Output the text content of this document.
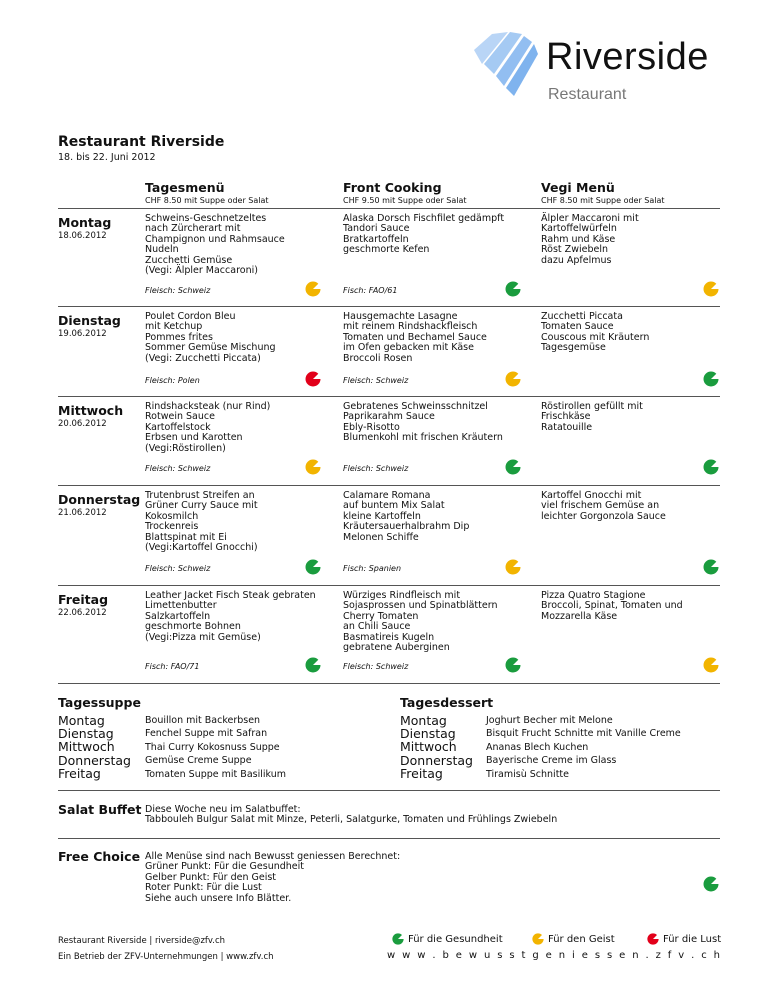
Riverside
Restaurant
Restaurant Riverside
18. bis 22. Juni 2012
Tagesmenü
CHF 8.50 mit Suppe oder Salat
Front Cooking
CHF 9.50 mit Suppe oder Salat
Vegi Menü
CHF 8.50 mit Suppe oder Salat
Montag
18.06.2012
Schweins-Geschnetzeltes
nach Zürcherart mit
Champignon und Rahmsauce
Nudeln
Zucchetti Gemüse
(Vegi: Älpler Maccaroni)
Fleisch: Schweiz
Alaska Dorsch Fischfilet gedämpft
Tandori Sauce
Bratkartoffeln
geschmorte Kefen
Fisch: FAO/61
Älpler Maccaroni mit
Kartoffelwürfeln
Rahm und Käse
Röst Zwiebeln
dazu Apfelmus
Dienstag
19.06.2012
Poulet Cordon Bleu
mit Ketchup
Pommes frites
Sommer Gemüse Mischung
(Vegi: Zucchetti Piccata)
Fleisch: Polen
Hausgemachte Lasagne
mit reinem Rindshackfleisch
Tomaten und Bechamel Sauce
im Ofen gebacken mit Käse
Broccoli Rosen
Fleisch: Schweiz
Zucchetti Piccata
Tomaten Sauce
Couscous mit Kräutern
Tagesgemüse
Mittwoch
20.06.2012
Rindshacksteak (nur Rind)
Rotwein Sauce
Kartoffelstock
Erbsen und Karotten
(Vegi:Röstirollen)
Fleisch: Schweiz
Gebratenes Schweinsschnitzel
Paprikarahm Sauce
Ebly-Risotto
Blumenkohl mit frischen Kräutern
Fleisch: Schweiz
Röstirollen gefüllt mit
Frischkäse
Ratatouille
Donnerstag
21.06.2012
Trutenbrust Streifen an
Grüner Curry Sauce mit
Kokosmilch
Trockenreis
Blattspinat mit Ei
(Vegi:Kartoffel Gnocchi)
Fleisch: Schweiz
Calamare Romana
auf buntem Mix Salat
kleine Kartoffeln
Kräutersauerhalbrahm Dip
Melonen Schiffe
Fisch: Spanien
Kartoffel Gnocchi mit
viel frischem Gemüse an
leichter Gorgonzola Sauce
Freitag
22.06.2012
Leather Jacket Fisch Steak gebraten
Limettenbutter
Salzkartoffeln
geschmorte Bohnen
(Vegi:Pizza mit Gemüse)
Fisch: FAO/71
Würziges Rindfleisch mit
Sojasprossen und Spinatblättern
Cherry Tomaten
an Chili Sauce
Basmatireis Kugeln
gebratene Auberginen
Fleisch: Schweiz
Pizza Quatro Stagione
Broccoli, Spinat, Tomaten und
Mozzarella Käse
Tagessuppe
Montag
Dienstag
Mittwoch
Donnerstag
Freitag
Bouillon mit Backerbsen
Fenchel Suppe mit Safran
Thai Curry Kokosnuss Suppe
Gemüse Creme Suppe
Tomaten Suppe mit Basilikum
Tagesdessert
Montag
Dienstag
Mittwoch
Donnerstag
Freitag
Joghurt Becher mit Melone
Bisquit Frucht Schnitte mit Vanille Creme
Ananas Blech Kuchen
Bayerische Creme im Glass
Tiramisù Schnitte
Salat Buffet Diese Woche neu im Salatbuffet:
Tabbouleh Bulgur Salat mit Minze, Peterli, Salatgurke, Tomaten und Frühlings Zwiebeln
Free Choice Alle Menüse sind nach Bewusst geniessen Berechnet:
Grüner Punkt: Für die Gesundheit
Gelber Punkt: Für den Geist
Roter Punkt: Für die Lust
Siehe auch unsere Info Blätter.
Restaurant Riverside | riverside@zfv.ch
Ein Betrieb der ZFV-Unternehmungen | www.zfv.ch
Für die Gesundheit	Für den Geist	Für die Lust
w w w . b e w u s s t g e n i e s s e n . z f v . c h
